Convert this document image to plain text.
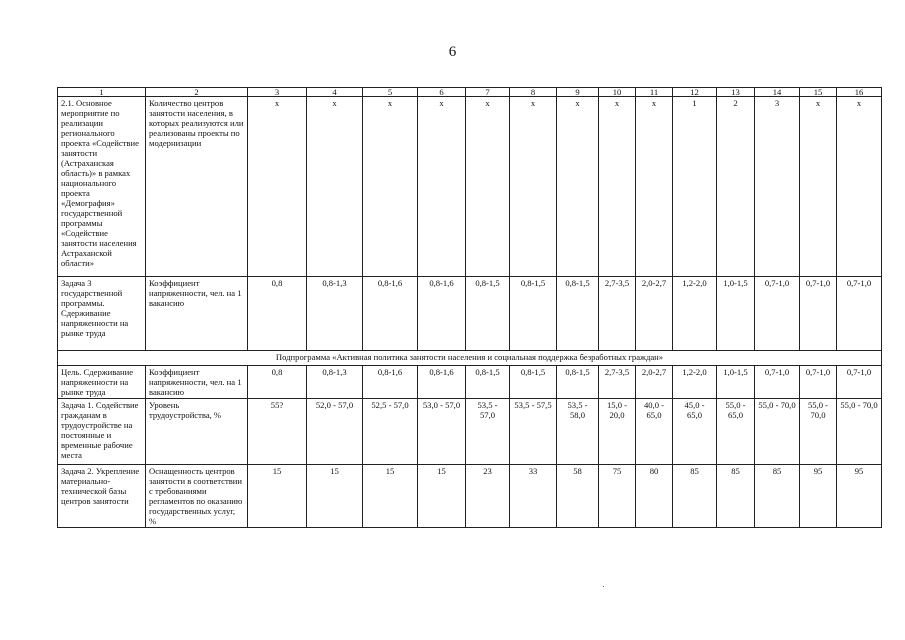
6
1	2	3	4	5	6	7	8	9	10	11	12	13	14	15	16
2.1. Основное мероприятие по реализации регионального проекта «Содействие занятости (Астраханская область)» в рамках национального проекта «Демография» государственной программы «Содействие занятости населения Астраханской области»	Количество центров занятости населения, в которых реализуются или реализованы проекты по модернизации	x	x	x	x	x	x	x	x	x	1	2	3	x	x
Задача 3 государственной программы. Сдерживание напряженности на рынке труда	Коэффициент напряженности, чел. на 1 вакансию	0,8	0,8-1,3	0,8-1,6	0,8-1,6	0,8-1,5	0,8-1,5	0,8-1,5	2,7-3,5	2,0-2,7	1,2-2,0	1,0-1,5	0,7-1,0	0,7-1,0	0,7-1,0
Подпрограмма «Активная политика занятости населения и социальная поддержка безработных граждан»															
Цель. Сдерживание напряженности на рынке труда	Коэффициент напряженности, чел. на 1 вакансию	0,8	0,8-1,3	0,8-1,6	0,8-1,6	0,8-1,5	0,8-1,5	0,8-1,5	2,7-3,5	2,0-2,7	1,2-2,0	1,0-1,5	0,7-1,0	0,7-1,0	0,7-1,0
Задача 1. Содействие гражданам в трудоустройстве на постоянные и временные рабочие места	Уровень трудоустройства, %	55?	52,0 - 57,0	52,5 - 57,0	53,0 - 57,0	53,5 - 57,0	53,5 - 57,5	53,5 - 58,0	15,0 - 20,0	40,0 - 65,0	45,0 - 65,0	55,0 - 65,0	55,0 - 70,0	55,0 - 70,0	55,0 - 70,0
Задача 2. Укрепление материально-технической базы центров занятости	Оснащенность центров занятости в соответствии с требованиями регламентов по оказанию государственных услуг, %	15	15	15	15	23	33	58	75	80	85	85	85	95	95
